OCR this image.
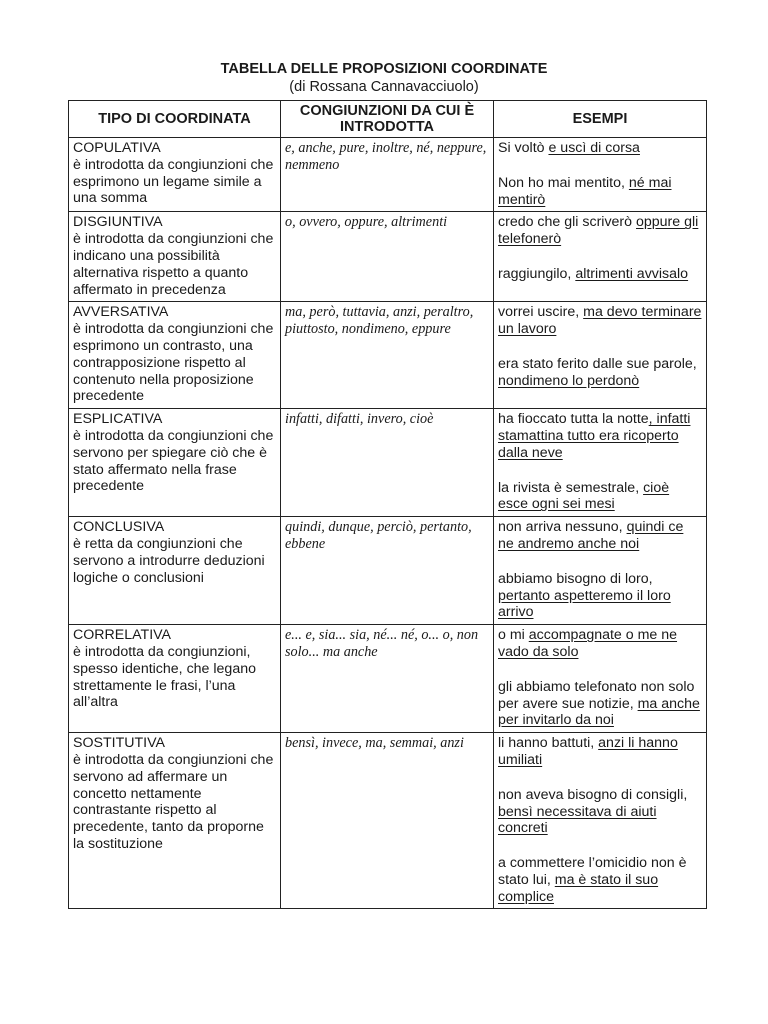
TABELLA DELLE PROPOSIZIONI COORDINATE
(di Rossana Cannavacciuolo)
TIPO DI COORDINATA	CONGIUNZIONI DA CUI È INTRODOTTA	ESEMPI

COPULATIVA
è introdotta da congiunzioni che esprimono un legame simile a una somma	e, anche, pure, inoltre, né, neppure, nemmeno	Si voltò e uscì di corsa
Non ho mai mentito, né mai mentirò

DISGIUNTIVA
è introdotta da congiunzioni che indicano una possibilità alternativa rispetto a quanto affermato in precedenza	o, ovvero, oppure, altrimenti	credo che gli scriverò oppure gli telefonerò
raggiungilo, altrimenti avvisalo

AVVERSATIVA
è introdotta da congiunzioni che esprimono un contrasto, una contrapposizione rispetto al contenuto nella proposizione precedente	ma, però, tuttavia, anzi, peraltro, piuttosto, nondimeno, eppure	vorrei uscire, ma devo terminare un lavoro
era stato ferito dalle sue parole, nondimeno lo perdonò

ESPLICATIVA
è introdotta da congiunzioni che servono per spiegare ciò che è stato affermato nella frase precedente	infatti, difatti, invero, cioè	ha fioccato tutta la notte, infatti stamattina tutto era ricoperto dalla neve
la rivista è semestrale, cioè esce ogni sei mesi

CONCLUSIVA
è retta da congiunzioni che servono a introdurre deduzioni logiche o conclusioni	quindi, dunque, perciò, pertanto, ebbene	non arriva nessuno, quindi ce ne andremo anche noi
abbiamo bisogno di loro, pertanto aspetteremo il loro arrivo

CORRELATIVA
è introdotta da congiunzioni, spesso identiche, che legano strettamente le frasi, l’una all’altra	e... e, sia... sia, né... né, o... o, non solo... ma anche	o mi accompagnate o me ne vado da solo
gli abbiamo telefonato non solo per avere sue notizie, ma anche per invitarlo da noi

SOSTITUTIVA
è introdotta da congiunzioni che servono ad affermare un concetto nettamente contrastante rispetto al precedente, tanto da proporne la sostituzione	bensì, invece, ma, semmai, anzi	li hanno battuti, anzi li hanno umiliati
non aveva bisogno di consigli, bensì necessitava di aiuti concreti
a commettere l’omicidio non è stato lui, ma è stato il suo complice
